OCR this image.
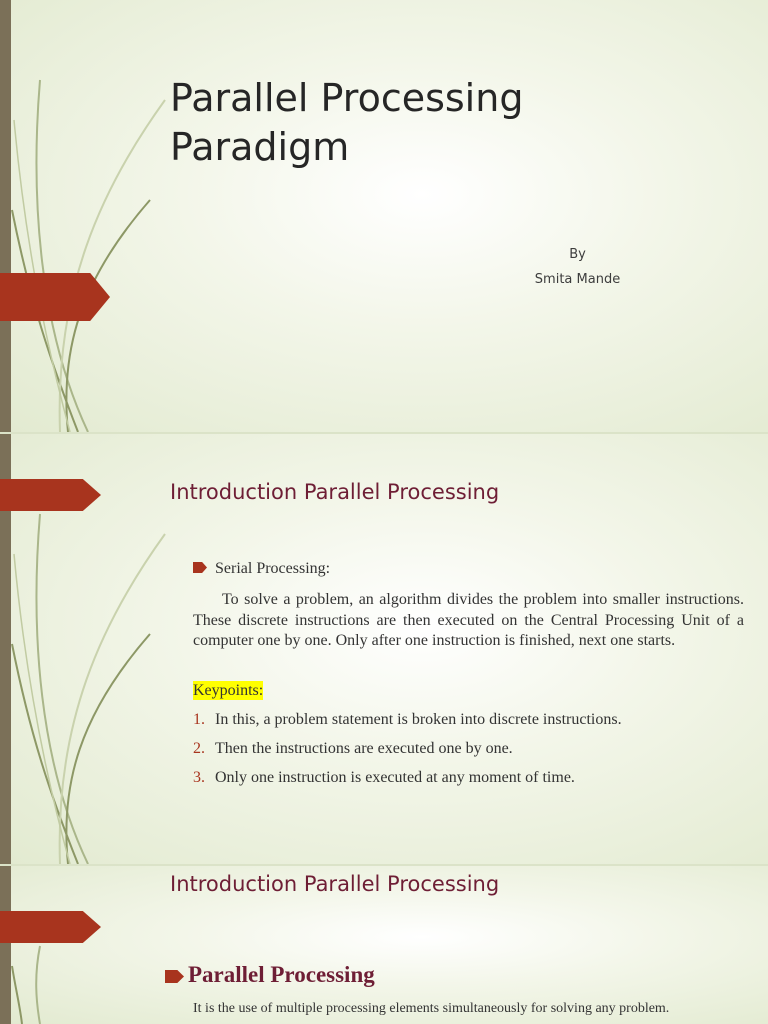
Parallel Processing
Paradigm
By
Smita Mande
Introduction Parallel Processing
Serial Processing:

To solve a problem, an algorithm divides the problem into smaller instructions. These discrete instructions are then executed on the Central Processing Unit of a computer one by one. Only after one instruction is finished, next one starts.

Keypoints:
1. In this, a problem statement is broken into discrete instructions.
2. Then the instructions are executed one by one.
3. Only one instruction is executed at any moment of time.
Introduction Parallel Processing
Parallel Processing
It is the use of multiple processing elements simultaneously for solving any problem.
